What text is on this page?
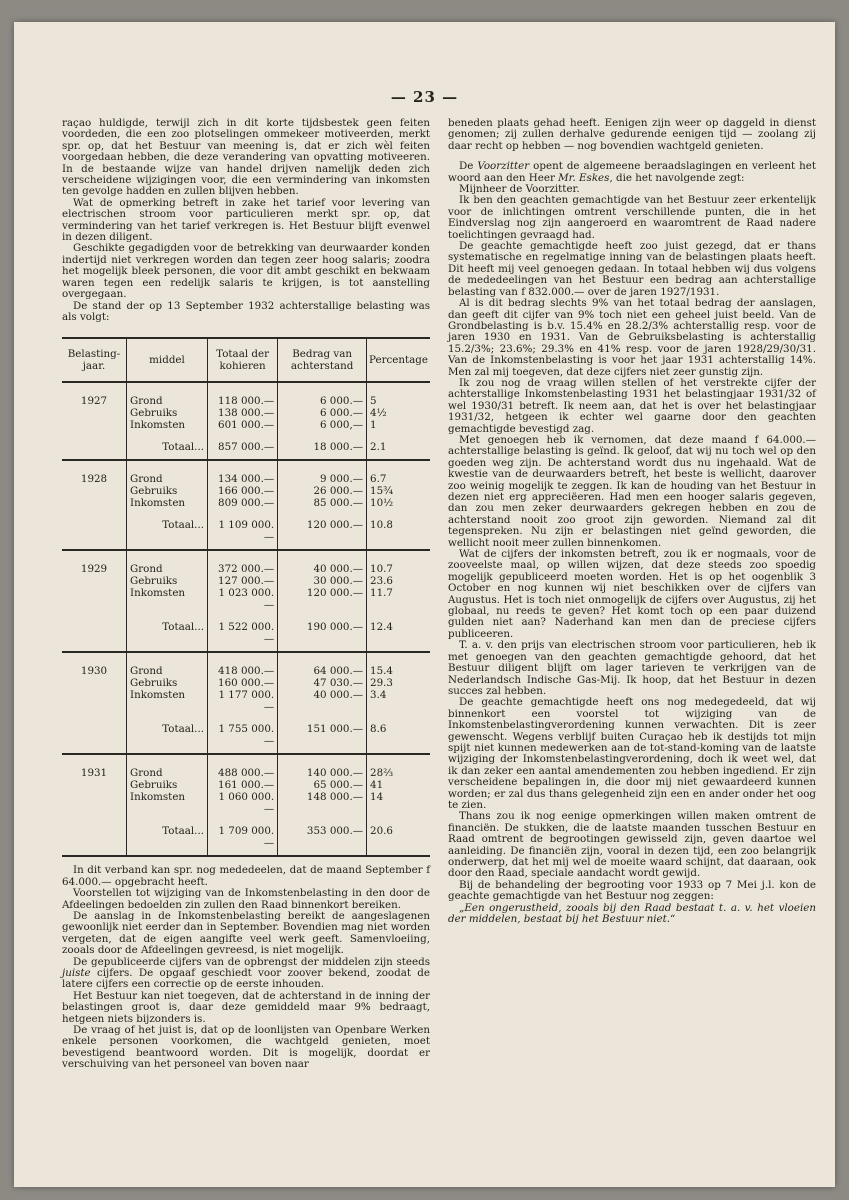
— 23 —

raçao huldigde, terwijl zich in dit korte tijdsbestek geen feiten voordeden, die een zoo plotselingen ommekeer motiveerden, merkt spr. op, dat het Bestuur van meening is, dat er zich wèl feiten voorgedaan hebben, die deze verandering van opvatting motiveeren. In de bestaande wijze van handel drijven namelijk deden zich verscheidene wijzigingen voor, die een vermindering van inkomsten ten gevolge hadden en zullen blijven hebben.

Wat de opmerking betreft in zake het tarief voor levering van electrischen stroom voor particulieren merkt spr. op, dat vermindering van het tarief verkregen is. Het Bestuur blijft evenwel in dezen diligent.

Geschikte gegadigden voor de betrekking van deurwaarder konden indertijd niet verkregen worden dan tegen zeer hoog salaris; zoodra het mogelijk bleek personen, die voor dit ambt geschikt en bekwaam waren tegen een redelijk salaris te krijgen, is tot aanstelling overgegaan.

De stand der op 13 September 1932 achterstallige belasting was als volgt:

Belasting-jaar.	middel	Totaal der kohieren	Bedrag van achterstand	Percentage
1927	Grond	118 000.—	6 000.—	5
	Gebruiks	138 000.—	6 000.—	4½
	Inkomsten	601 000.—	6 000,—	1
	Totaal...	857 000.—	18 000.—	2.1
1928	Grond	134 000.—	9 000.—	6.7
	Gebruiks	166 000.—	26 000.—	15¾
	Inkomsten	809 000.—	85 000.—	10½
	Totaal...	1 109 000.—	120 000.—	10.8
1929	Grond	372 000.—	40 000.—	10.7
	Gebruiks	127 000.—	30 000.—	23.6
	Inkomsten	1 023 000.—	120 000.—	11.7
	Totaal...	1 522 000.—	190 000.—	12.4
1930	Grond	418 000.—	64 000.—	15.4
	Gebruiks	160 000.—	47 030.—	29.3
	Inkomsten	1 177 000.—	40 000.—	3.4
	Totaal...	1 755 000.—	151 000.—	8.6
1931	Grond	488 000.—	140 000.—	28⅔
	Gebruiks	161 000.—	65 000.—	41
	Inkomsten	1 060 000.—	148 000.—	14
	Totaal...	1 709 000.—	353 000.—	20.6

In dit verband kan spr. nog mededeelen, dat de maand September f 64.000.— opgebracht heeft.

Voorstellen tot wijziging van de Inkomstenbelasting in den door de Afdeelingen bedoelden zin zullen den Raad binnenkort bereiken.

De aanslag in de Inkomstenbelasting bereikt de aangeslagenen gewoonlijk niet eerder dan in September. Bovendien mag niet worden vergeten, dat de eigen aangifte veel werk geeft. Samenvloeiing, zooals door de Afdeelingen gevreesd, is niet mogelijk.

De gepubliceerde cijfers van de opbrengst der middelen zijn steeds juiste cijfers. De opgaaf geschiedt voor zoover bekend, zoodat de latere cijfers een correctie op de eerste inhouden.

Het Bestuur kan niet toegeven, dat de achterstand in de inning der belastingen groot is, daar deze gemiddeld maar 9% bedraagt, hetgeen niets bijzonders is.

De vraag of het juist is, dat op de loonlijsten van Openbare Werken enkele personen voorkomen, die wachtgeld genieten, moet bevestigend beantwoord worden. Dit is mogelijk, doordat er verschuiving van het personeel van boven naar

beneden plaats gehad heeft. Eenigen zijn weer op daggeld in dienst genomen; zij zullen derhalve gedurende eenigen tijd — zoolang zij daar recht op hebben — nog bovendien wachtgeld genieten.

De Voorzitter opent de algemeene beraadslagingen en verleent het woord aan den Heer Mr. Eskes, die het navolgende zegt:

Mijnheer de Voorzitter.

Ik ben den geachten gemachtigde van het Bestuur zeer erkentelijk voor de inlichtingen omtrent verschillende punten, die in het Eindverslag nog zijn aangeroerd en waaromtrent de Raad nadere toelichtingen gevraagd had.

De geachte gemachtigde heeft zoo juist gezegd, dat er thans systematische en regelmatige inning van de belastingen plaats heeft. Dit heeft mij veel genoegen gedaan. In totaal hebben wij dus volgens de mededeelingen van het Bestuur een bedrag aan achterstallige belasting van f 832.000.— over de jaren 1927/1931.

Al is dit bedrag slechts 9% van het totaal bedrag der aanslagen, dan geeft dit cijfer van 9% toch niet een geheel juist beeld. Van de Grondbelasting is b.v. 15.4% en 28.2/3% achterstallig resp. voor de jaren 1930 en 1931. Van de Gebruiksbelasting is achterstallig 15.2/3%; 23.6%; 29.3% en 41% resp. voor de jaren 1928/29/30/31. Van de Inkomstenbelasting is voor het jaar 1931 achterstallig 14%. Men zal mij toegeven, dat deze cijfers niet zeer gunstig zijn.

Ik zou nog de vraag willen stellen of het verstrekte cijfer der achterstallige Inkomstenbelasting 1931 het belastingjaar 1931/32 of wel 1930/31 betreft. Ik neem aan, dat het is over het belastingjaar 1931/32, hetgeen ik echter wel gaarne door den geachten gemachtigde bevestigd zag.

Met genoegen heb ik vernomen, dat deze maand f 64.000.— achterstallige belasting is geïnd. Ik geloof, dat wij nu toch wel op den goeden weg zijn. De achterstand wordt dus nu ingehaald. Wat de kwestie van de deurwaarders betreft, het beste is wellicht, daarover zoo weinig mogelijk te zeggen. Ik kan de houding van het Bestuur in dezen niet erg appreciëeren. Had men een hooger salaris gegeven, dan zou men zeker deurwaarders gekregen hebben en zou de achterstand nooit zoo groot zijn geworden. Niemand zal dit tegenspreken. Nu zijn er belastingen niet geïnd geworden, die wellicht nooit meer zullen binnenkomen.

Wat de cijfers der inkomsten betreft, zou ik er nogmaals, voor de zooveelste maal, op willen wijzen, dat deze steeds zoo spoedig mogelijk gepubliceerd moeten worden. Het is op het oogenblik 3 October en nog kunnen wij niet beschikken over de cijfers van Augustus. Het is toch niet onmogelijk de cijfers over Augustus, zij het globaal, nu reeds te geven? Het komt toch op een paar duizend gulden niet aan? Naderhand kan men dan de preciese cijfers publiceeren.

T. a. v. den prijs van electrischen stroom voor particulieren, heb ik met genoegen van den geachten gemachtigde gehoord, dat het Bestuur diligent blijft om lager tarieven te verkrijgen van de Nederlandsch Indische Gas-Mij. Ik hoop, dat het Bestuur in dezen succes zal hebben.

De geachte gemachtigde heeft ons nog medegedeeld, dat wij binnenkort een voorstel tot wijziging van de Inkomstenbelastingverordening kunnen verwachten. Dit is zeer gewenscht. Wegens verblijf buiten Curaçao heb ik destijds tot mijn spijt niet kunnen medewerken aan de tot-stand-koming van de laatste wijziging der Inkomstenbelastingverordening, doch ik weet wel, dat ik dan zeker een aantal amendementen zou hebben ingediend. Er zijn verscheidene bepalingen in, die door mij niet gewaardeerd kunnen worden; er zal dus thans gelegenheid zijn een en ander onder het oog te zien.

Thans zou ik nog eenige opmerkingen willen maken omtrent de financiën. De stukken, die de laatste maanden tusschen Bestuur en Raad omtrent de begrootingen gewisseld zijn, geven daartoe wel aanleiding. De financiën zijn, vooral in dezen tijd, een zoo belangrijk onderwerp, dat het mij wel de moeite waard schijnt, dat daaraan, ook door den Raad, speciale aandacht wordt gewijd.

Bij de behandeling der begrooting voor 1933 op 7 Mei j.l. kon de geachte gemachtigde van het Bestuur nog zeggen:

„Een ongerustheid, zooals bij den Raad bestaat t. a. v. het vloeien der middelen, bestaat bij het Bestuur niet.“
